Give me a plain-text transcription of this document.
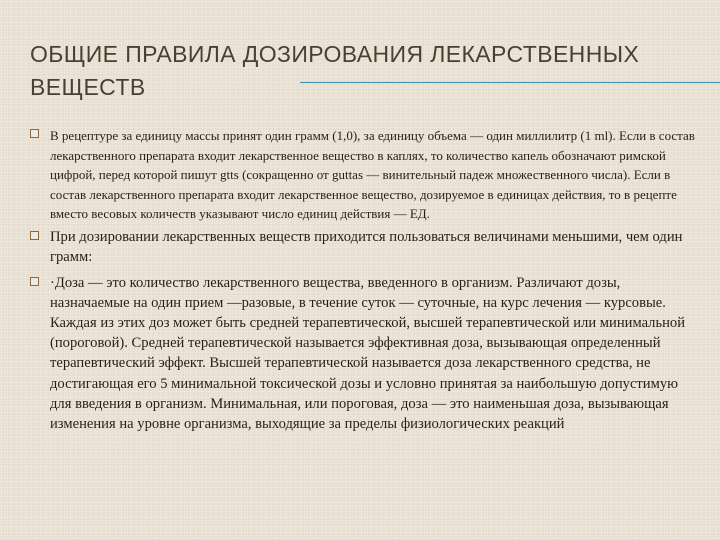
ОБЩИЕ ПРАВИЛА ДОЗИРОВАНИЯ ЛЕКАРСТВЕННЫХ ВЕЩЕСТВ
В рецептуре за единицу массы принят один грамм (1,0), за единицу объема — один миллилитр (1 ml). Если в состав лекарственного препарата входит лекарственное вещество в каплях, то количество капель обозначают римской цифрой, перед которой пишут gtts (сокращенно от guttas — винительный падеж множественного числа). Если в состав лекарственного препарата входит лекарственное вещество, дозируемое в единицах действия, то в рецепте вместо весовых количеств указывают число единиц действия — ЕД.
При дозировании лекарственных веществ приходится пользоваться величинами меньшими, чем один грамм:
·Доза — это количество лекарственного вещества, введенного в организм. Различают дозы, назначаемые на один прием —разовые, в течение суток — суточные, на курс лечения — курсовые. Каждая из этих доз может быть средней терапевтической, высшей терапевтической или минимальной (пороговой). Средней терапевтической называется эффективная доза, вызывающая определенный терапевтический эффект. Высшей терапевтической называется доза лекарственного средства, не достигающая его 5 минимальной токсической дозы и условно принятая за наибольшую допустимую для введения в организм. Минимальная, или пороговая, доза — это наименьшая доза, вызывающая изменения на уровне организма, выходящие за пределы физиологических реакций
